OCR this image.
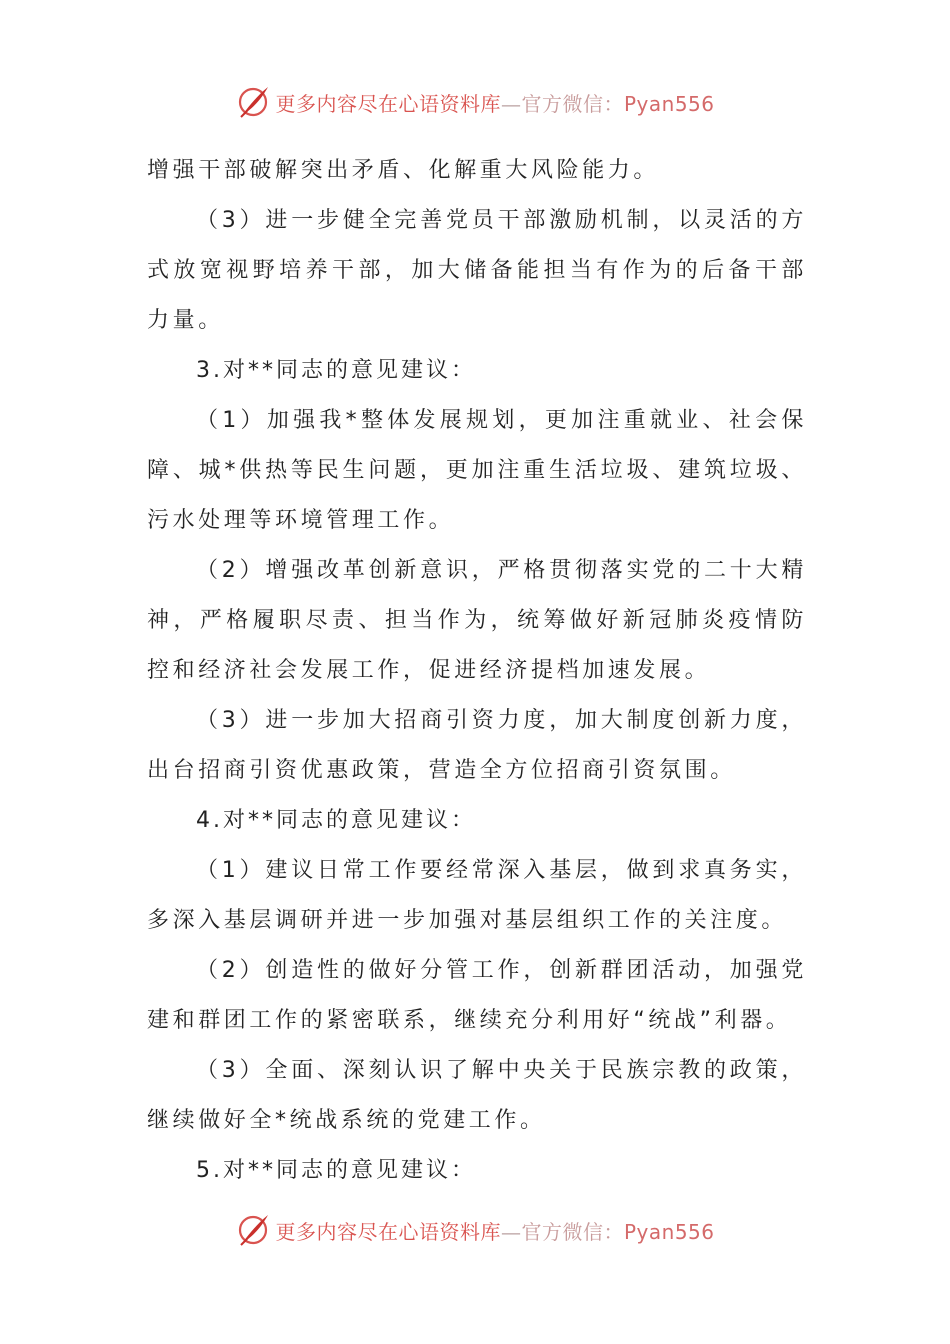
更多内容尽在心语资料库—官方微信：Pyan556

增强干部破解突出矛盾、化解重大风险能力。

（3）进一步健全完善党员干部激励机制，以灵活的方式放宽视野培养干部，加大储备能担当有作为的后备干部力量。

3.对**同志的意见建议：

（1）加强我*整体发展规划，更加注重就业、社会保障、城*供热等民生问题，更加注重生活垃圾、建筑垃圾、污水处理等环境管理工作。

（2）增强改革创新意识，严格贯彻落实党的二十大精神，严格履职尽责、担当作为，统筹做好新冠肺炎疫情防控和经济社会发展工作，促进经济提档加速发展。

（3）进一步加大招商引资力度，加大制度创新力度，出台招商引资优惠政策，营造全方位招商引资氛围。

4.对**同志的意见建议：

（1）建议日常工作要经常深入基层，做到求真务实，多深入基层调研并进一步加强对基层组织工作的关注度。

（2）创造性的做好分管工作，创新群团活动，加强党建和群团工作的紧密联系，继续充分利用好“统战”利器。

（3）全面、深刻认识了解中央关于民族宗教的政策，继续做好全*统战系统的党建工作。

5.对**同志的意见建议：

更多内容尽在心语资料库—官方微信：Pyan556
